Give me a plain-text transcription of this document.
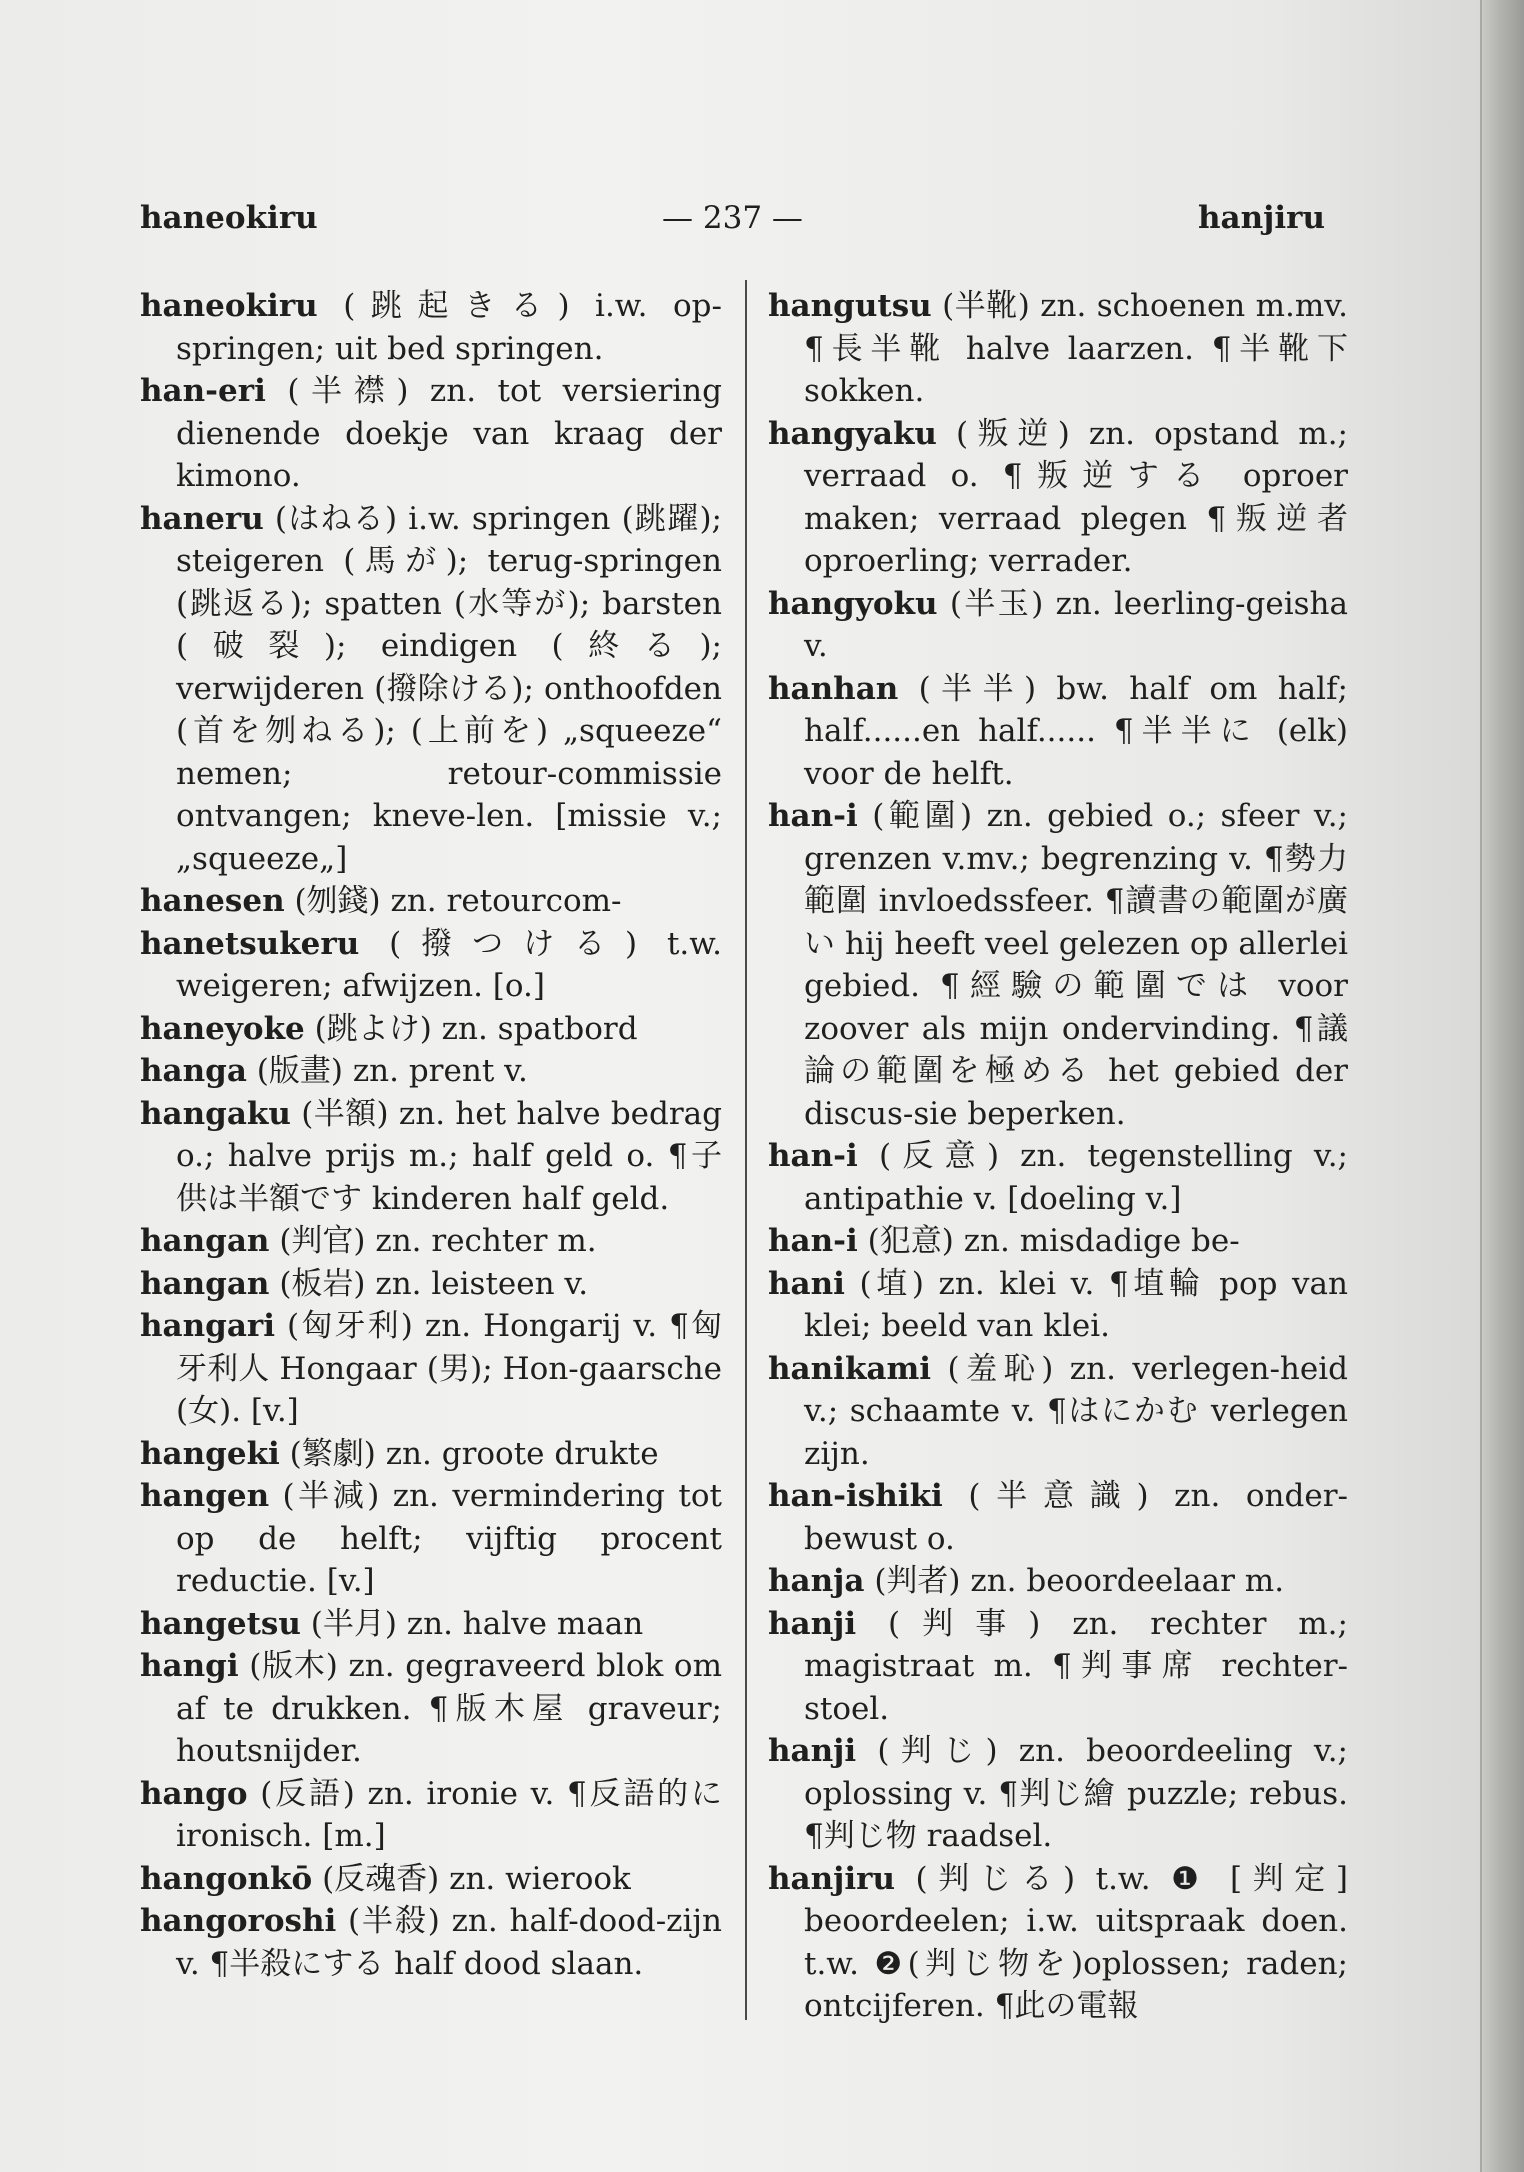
haneokiru	— 237 —	hanjiru

haneokiru (跳起きる) i.w. op-springen; uit bed springen.

han-eri (半襟) zn. tot versiering dienende doekje van kraag der kimono.

haneru (はねる) i.w. springen (跳躍); steigeren (馬が); terug-springen (跳返る); spatten (水等が); barsten (破裂); eindigen (終る); verwijderen (撥除ける); onthoofden (首を刎ねる); (上前を) „squeeze“ nemen; retour-commissie ontvangen; kneve-len. [missie v.; „squeeze„]

hanesen (刎錢) zn. retourcom-

hanetsukeru (撥つける) t.w. weigeren; afwijzen. [o.]

haneyoke (跳よけ) zn. spatbord

hanga (版畫) zn. prent v.

hangaku (半額) zn. het halve bedrag o.; halve prijs m.; half geld o. ¶子供は半額です kinderen half geld.

hangan (判官) zn. rechter m.

hangan (板岩) zn. leisteen v.

hangari (匈牙利) zn. Hongarij v. ¶匈牙利人 Hongaar (男); Hon-gaarsche (女). [v.]

hangeki (繁劇) zn. groote drukte

hangen (半減) zn. vermindering tot op de helft; vijftig procent reductie. [v.]

hangetsu (半月) zn. halve maan

hangi (版木) zn. gegraveerd blok om af te drukken. ¶版木屋 graveur; houtsnijder.

hango (反語) zn. ironie v. ¶反語的に ironisch. [m.]

hangonkō (反魂香) zn. wierook

hangoroshi (半殺) zn. half-dood-zijn v. ¶半殺にする half dood slaan.

hangutsu (半靴) zn. schoenen m.mv. ¶長半靴 halve laarzen. ¶半靴下 sokken.

hangyaku (叛逆) zn. opstand m.; verraad o. ¶叛逆する oproer maken; verraad plegen ¶叛逆者 oproerling; verrader.

hangyoku (半玉) zn. leerling-geisha v.

hanhan (半半) bw. half om half; half......en half...... ¶半半に (elk) voor de helft.

han-i (範圍) zn. gebied o.; sfeer v.; grenzen v.mv.; begrenzing v. ¶勢力範圍 invloedssfeer. ¶讀書の範圍が廣い hij heeft veel gelezen op allerlei gebied. ¶經驗の範圍では voor zoover als mijn ondervinding. ¶議論の範圍を極める het gebied der discus-sie beperken.

han-i (反意) zn. tegenstelling v.; antipathie v. [doeling v.]

han-i (犯意) zn. misdadige be-

hani (埴) zn. klei v. ¶埴輪 pop van klei; beeld van klei.

hanikami (羞恥) zn. verlegen-heid v.; schaamte v. ¶はにかむ verlegen zijn.

han-ishiki (半意識) zn. onder-bewust o.

hanja (判者) zn. beoordeelaar m.

hanji (判事) zn. rechter m.; magistraat m. ¶判事席 rechter-stoel.

hanji (判じ) zn. beoordeeling v.; oplossing v. ¶判じ繪 puzzle; rebus. ¶判じ物 raadsel.

hanjiru (判じる) t.w. ❶ [判定] beoordeelen; i.w. uitspraak doen. t.w. ❷(判じ物を)oplossen; raden; ontcijferen. ¶此の電報
